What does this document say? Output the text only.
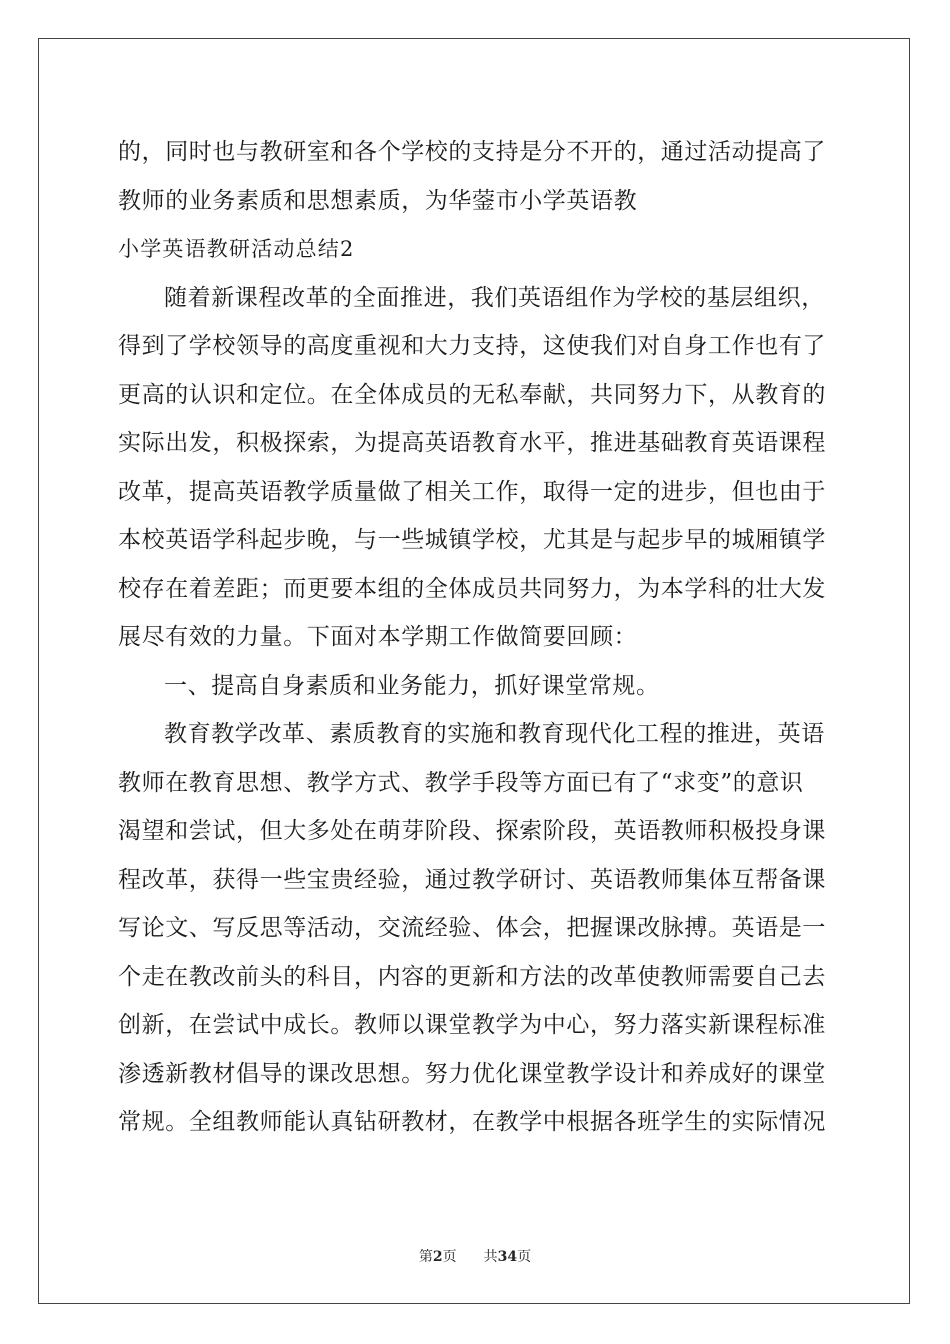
的，同时也与教研室和各个学校的支持是分不开的，通过活动提高了
教师的业务素质和思想素质，为华蓥市小学英语教
小学英语教研活动总结2
随着新课程改革的全面推进，我们英语组作为学校的基层组织，
得到了学校领导的高度重视和大力支持，这使我们对自身工作也有了
更高的认识和定位。在全体成员的无私奉献，共同努力下，从教育的
实际出发，积极探索，为提高英语教育水平，推进基础教育英语课程
改革，提高英语教学质量做了相关工作，取得一定的进步，但也由于
本校英语学科起步晚，与一些城镇学校，尤其是与起步早的城厢镇学
校存在着差距；而更要本组的全体成员共同努力，为本学科的壮大发
展尽有效的力量。下面对本学期工作做简要回顾：
一、提高自身素质和业务能力，抓好课堂常规。
教育教学改革、素质教育的实施和教育现代化工程的推进，英语
教师在教育思想、教学方式、教学手段等方面已有了“求变”的意识
渴望和尝试，但大多处在萌芽阶段、探索阶段，英语教师积极投身课
程改革，获得一些宝贵经验，通过教学研讨、英语教师集体互帮备课
写论文、写反思等活动，交流经验、体会，把握课改脉搏。英语是一
个走在教改前头的科目，内容的更新和方法的改革使教师需要自己去
创新，在尝试中成长。教师以课堂教学为中心，努力落实新课程标准
渗透新教材倡导的课改思想。努力优化课堂教学设计和养成好的课堂
常规。全组教师能认真钻研教材，在教学中根据各班学生的实际情况
第2页 共34页
